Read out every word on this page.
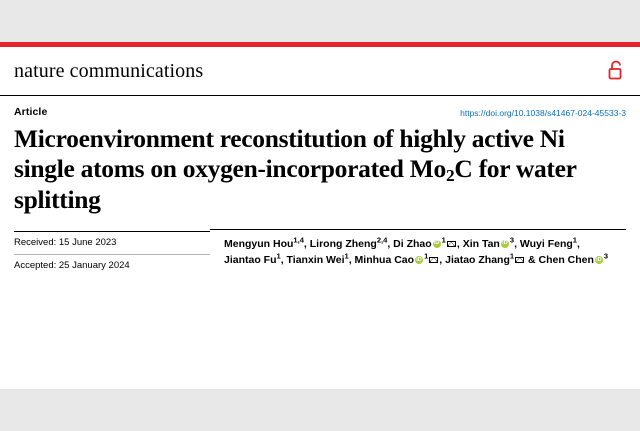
nature communications
Article	https://doi.org/10.1038/s41467-024-45533-3
Microenvironment reconstitution of highly active Ni single atoms on oxygen-incorporated $Mo_2C$ for water splitting
Received: 15 June 2023
Accepted: 25 January 2024
Mengyun Hou$^{1,4}$, Lirong Zheng$^{2,4}$, Di Zhao iD $^1$ , Xin Tan iD $^3$, Wuyi Feng$^1$,
Jiantao Fu$^1$, Tianxin Wei$^1$, Minhua Cao iD $^1$ , Jiatao Zhang$^1$ & Chen Chen iD $^3$
